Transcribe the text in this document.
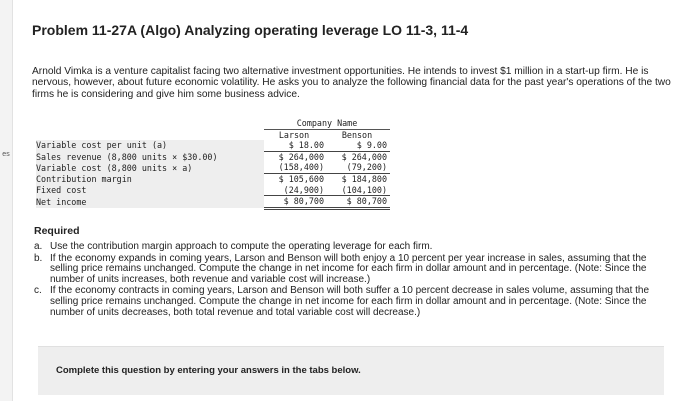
es
Problem 11-27A (Algo) Analyzing operating leverage LO 11-3, 11-4

Arnold Vimka is a venture capitalist facing two alternative investment opportunities. He intends to invest $1 million in a start-up firm. He is nervous, however, about future economic volatility. He asks you to analyze the following financial data for the past year's operations of the two firms he is considering and give him some business advice.

	Company Name	
	Larson	Benson
Variable cost per unit (a)	$ 18.00	$ 9.00
Sales revenue (8,800 units × $30.00)	$ 264,000	$ 264,000
Variable cost (8,800 units × a)	(158,400)	(79,200)
Contribution margin	$ 105,600	$ 184,800
Fixed cost	(24,900)	(104,100)
Net income	$ 80,700	$ 80,700
Required
a. Use the contribution margin approach to compute the operating leverage for each firm.
b. If the economy expands in coming years, Larson and Benson will both enjoy a 10 percent per year increase in sales, assuming that the selling price remains unchanged. Compute the change in net income for each firm in dollar amount and in percentage. (Note: Since the number of units increases, both revenue and variable cost will increase.)
c. If the economy contracts in coming years, Larson and Benson will both suffer a 10 percent decrease in sales volume, assuming that the selling price remains unchanged. Compute the change in net income for each firm in dollar amount and in percentage. (Note: Since the number of units decreases, both total revenue and total variable cost will decrease.)
Complete this question by entering your answers in the tabs below.
